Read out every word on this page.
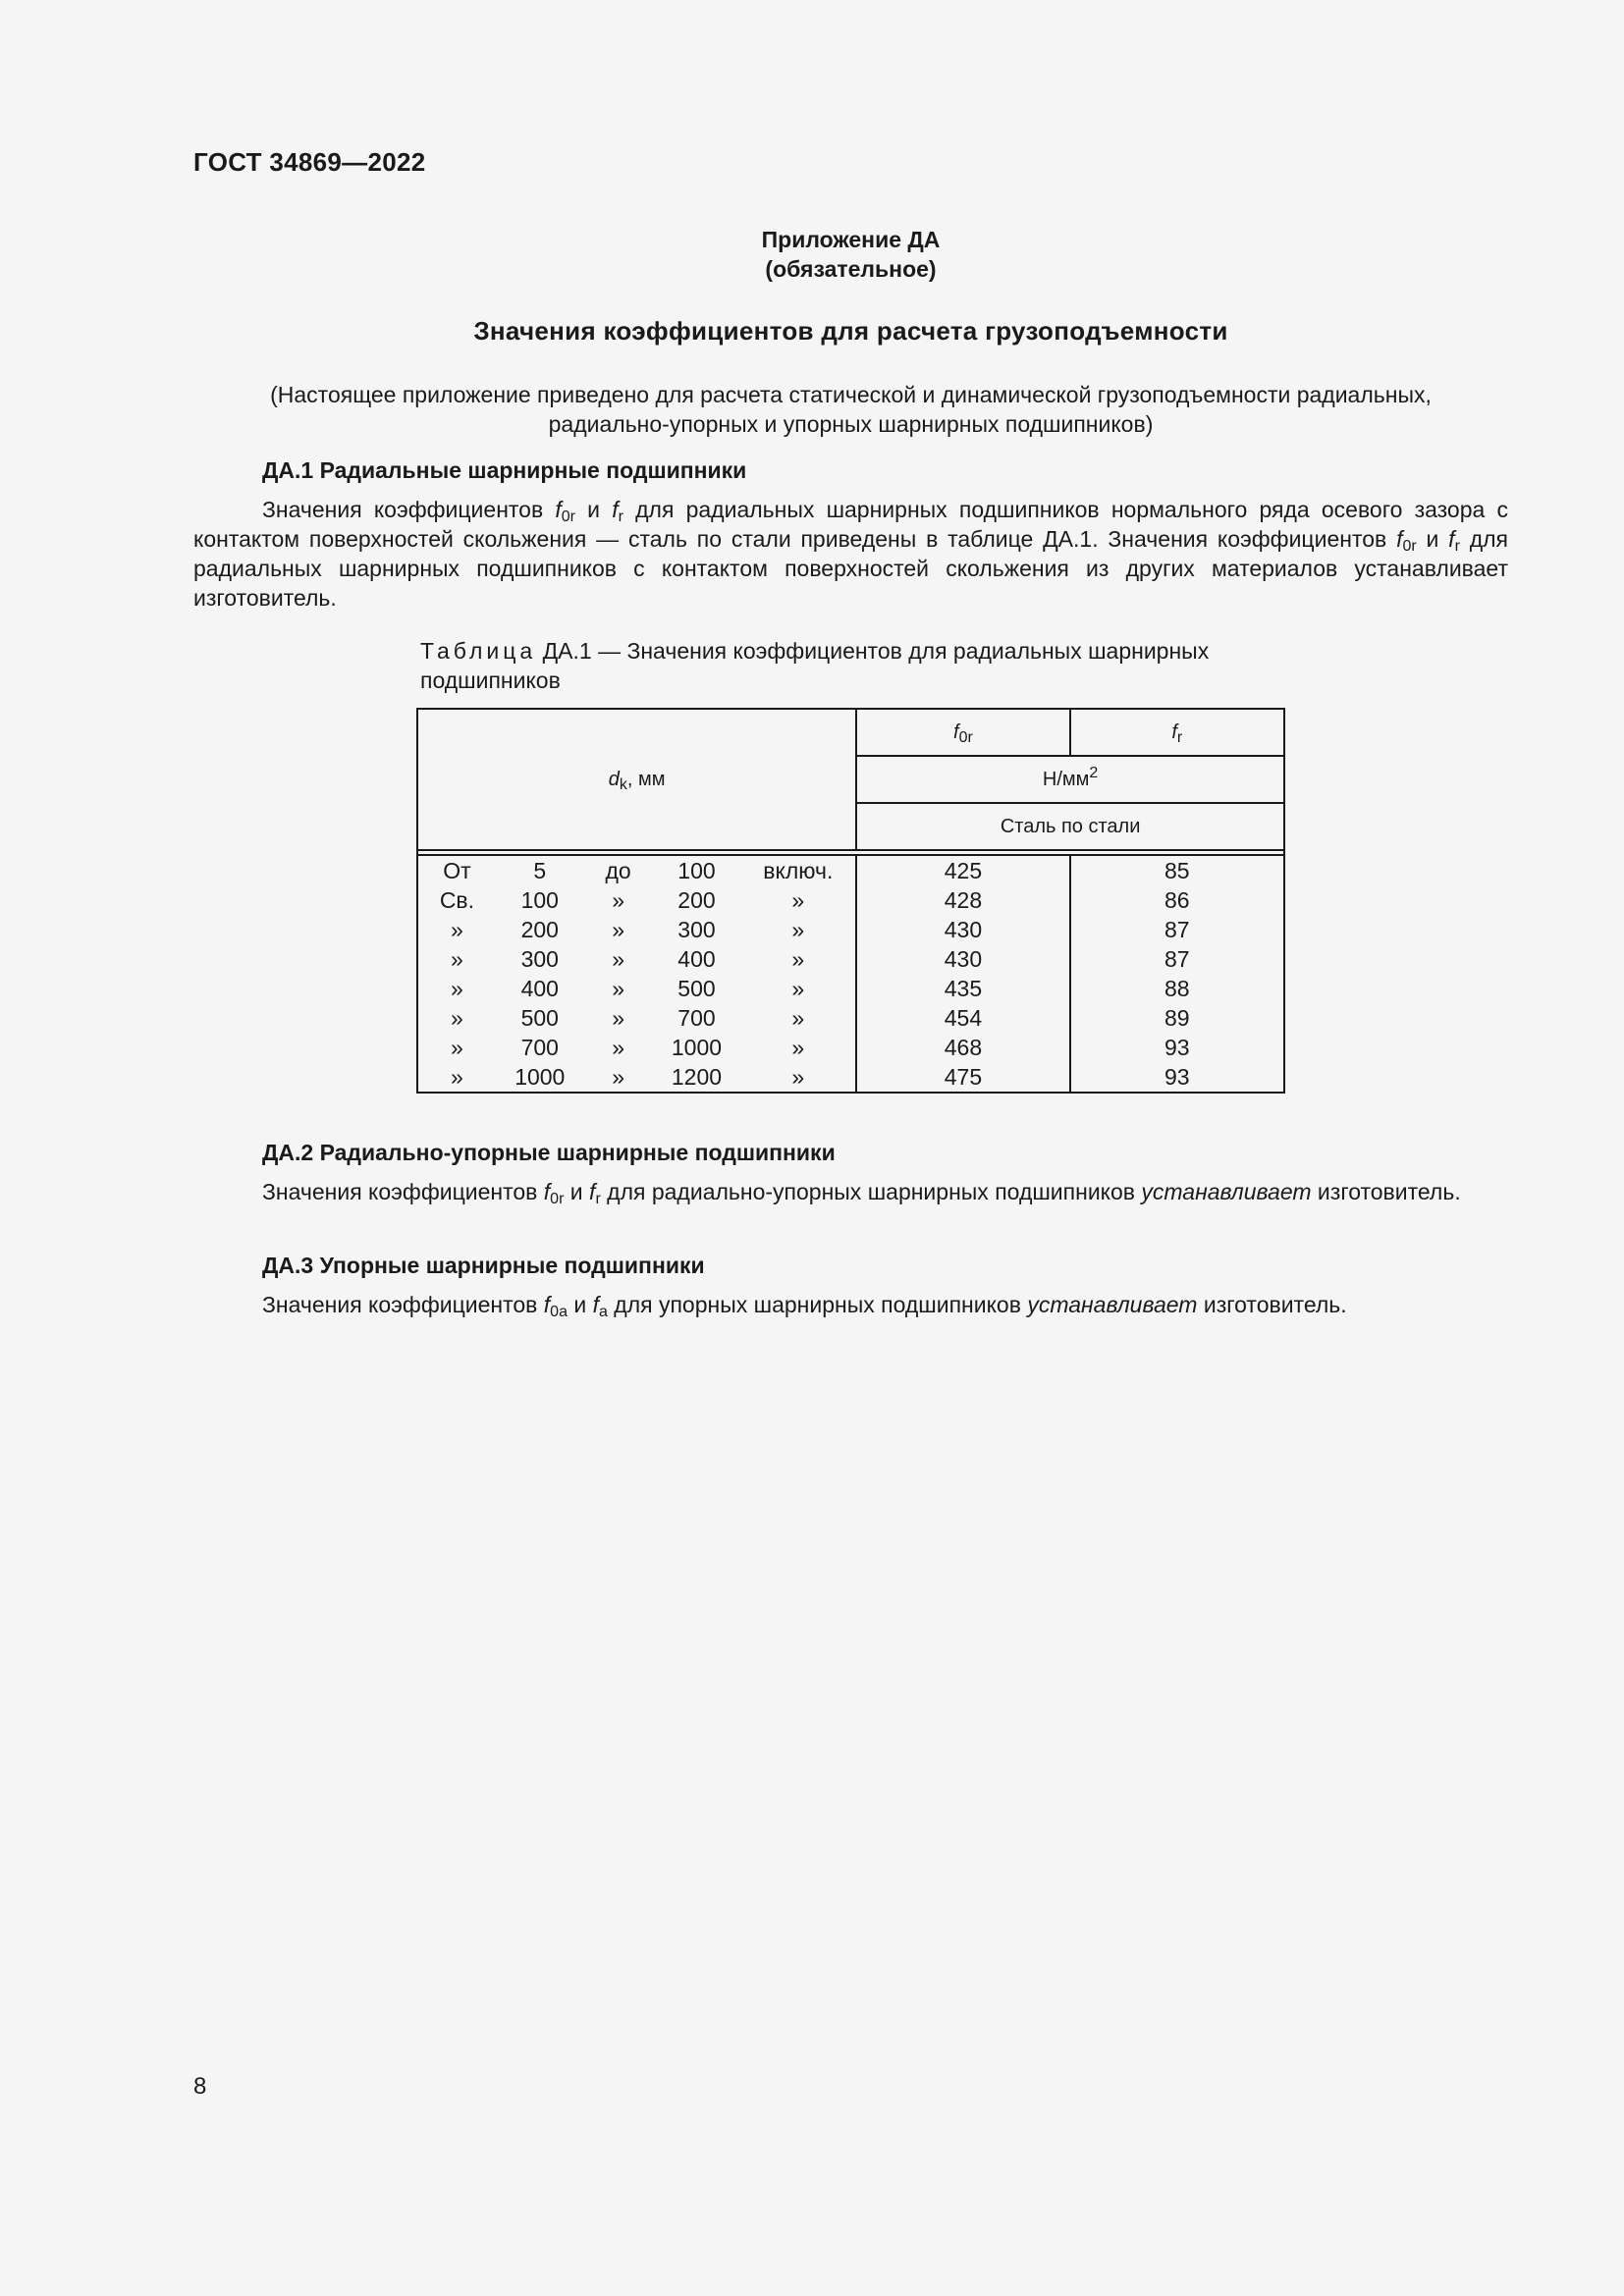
ГОСТ 34869—2022
Приложение ДА
(обязательное)
Значения коэффициентов для расчета грузоподъемности
(Настоящее приложение приведено для расчета статической и динамической грузоподъемности радиальных,
радиально-упорных и упорных шарнирных подшипников)
ДА.1 Радиальные шарнирные подшипники
Значения коэффициентов $f_{0r}$ и $f_r$ для радиальных шарнирных подшипников нормального ряда осевого зазора с контактом поверхностей скольжения — сталь по стали приведены в таблице ДА.1. Значения коэффициентов $f_{0r}$ и $f_r$ для радиальных шарнирных подшипников с контактом поверхностей скольжения из других материалов устанавливает изготовитель.
Таблица ДА.1 — Значения коэффициентов для радиальных шарнирных подшипников
$d_k$, мм					$f_{0r}$	$f_r$
					$Н/мм^2$
					Сталь по стали	

От	5	до	100	включ.	425	85
Св.	100	»	200	»	428	86
»	200	»	300	»	430	87
»	300	»	400	»	430	87
»	400	»	500	»	435	88
»	500	»	700	»	454	89
»	700	»	1000	»	468	93
»	1000	»	1200	»	475	93
ДА.2 Радиально-упорные шарнирные подшипники
Значения коэффициентов $f_{0r}$ и $f_r$ для радиально-упорных шарнирных подшипников устанавливает изготовитель.
ДА.3 Упорные шарнирные подшипники
Значения коэффициентов $f_{0a}$ и $f_a$ для упорных шарнирных подшипников устанавливает изготовитель.
8
